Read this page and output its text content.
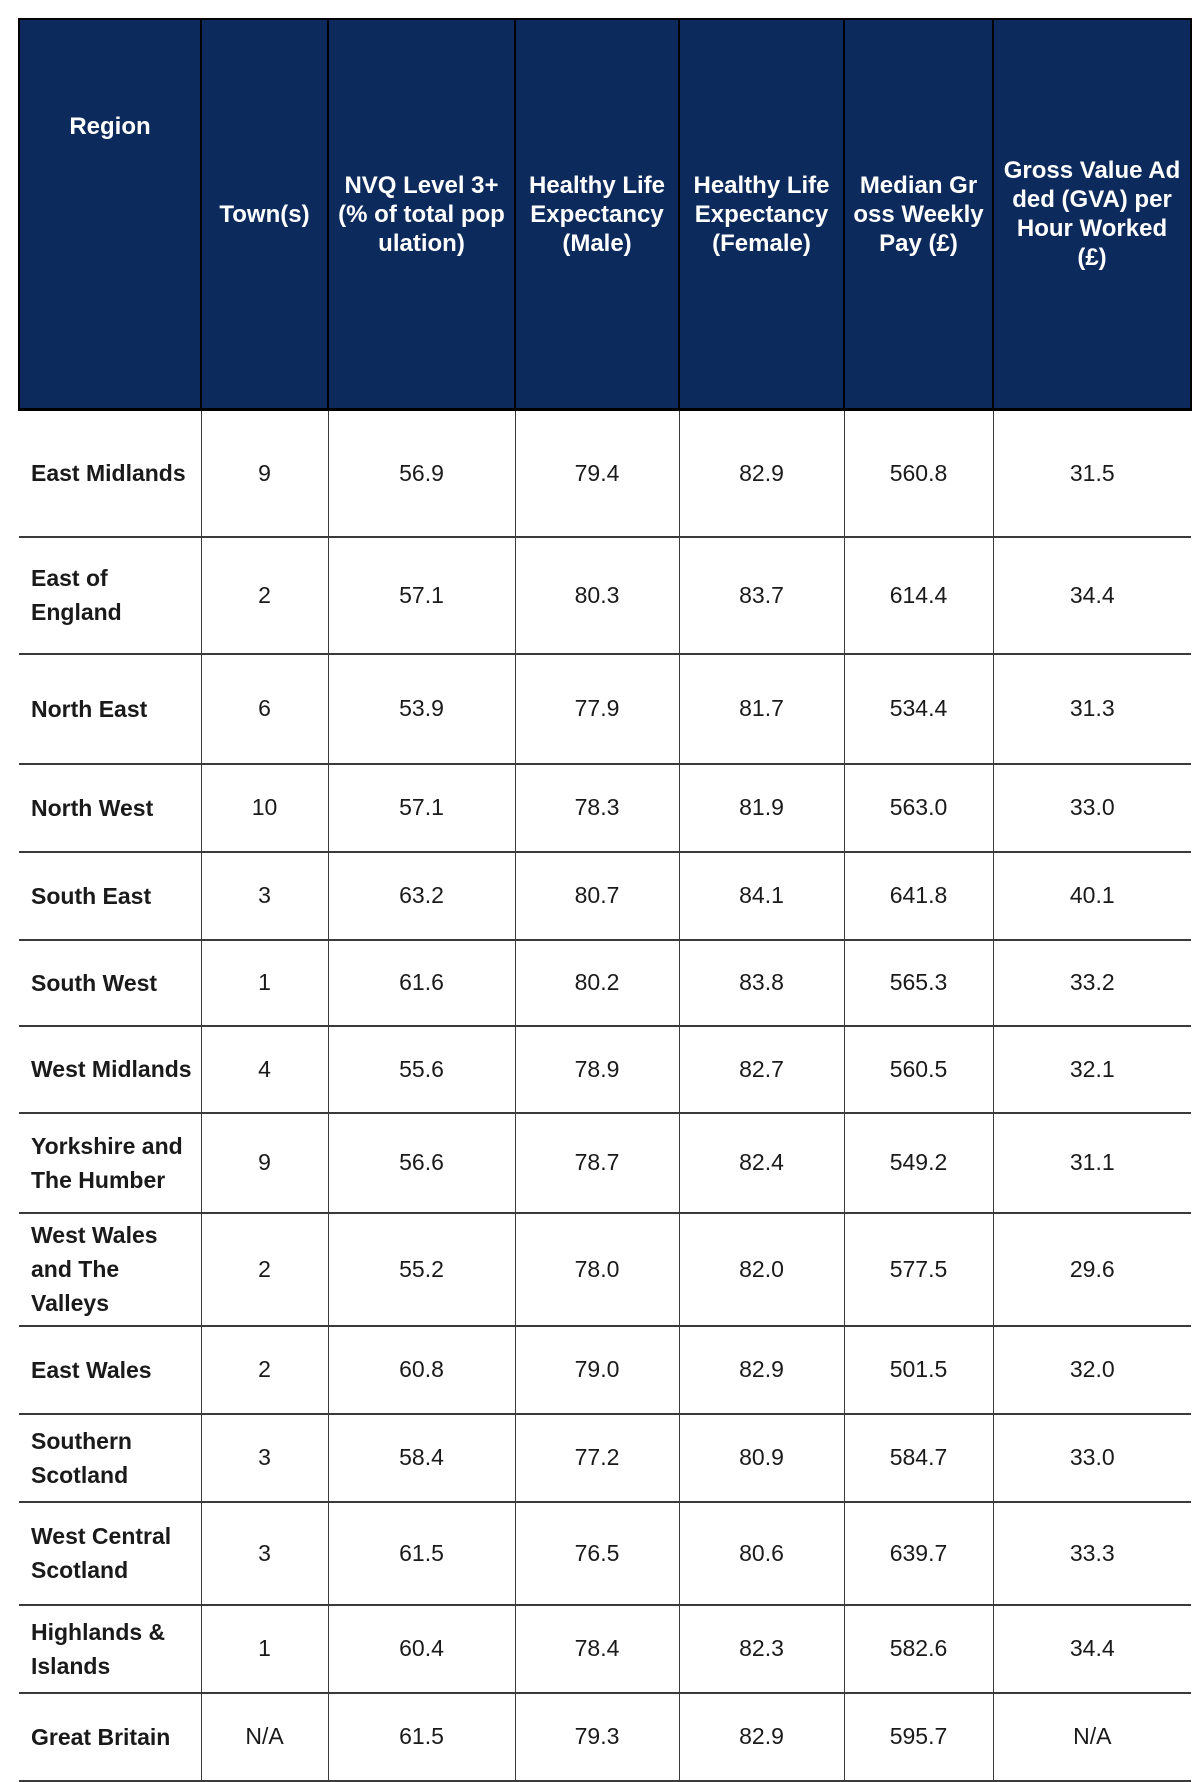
Region	Town(​s)	NVQ Level 3+ (% of total popul​ation)	Healthy Life Expectan​cy (Male)	Healthy Life Expectan​cy (Female)	Median Gross Weekly Pay (£)	Gross Value Added (GVA) per Hour Worked (£)
East Midlands	9	56.9	79.4	82.9	560.8	31.5
East of England	2	57.1	80.3	83.7	614.4	34.4
North East	6	53.9	77.9	81.7	534.4	31.3
North West	10	57.1	78.3	81.9	563.0	33.0
South East	3	63.2	80.7	84.1	641.8	40.1
South West	1	61.6	80.2	83.8	565.3	33.2
West Midlands	4	55.6	78.9	82.7	560.5	32.1
Yorkshire and The Humber	9	56.6	78.7	82.4	549.2	31.1
West Wales and The Valleys	2	55.2	78.0	82.0	577.5	29.6
East Wales	2	60.8	79.0	82.9	501.5	32.0
Southern Scotland	3	58.4	77.2	80.9	584.7	33.0
West Central Scotland	3	61.5	76.5	80.6	639.7	33.3
Highlands & Islands	1	60.4	78.4	82.3	582.6	34.4
Great Britain	N/A	61.5	79.3	82.9	595.7	N/A
